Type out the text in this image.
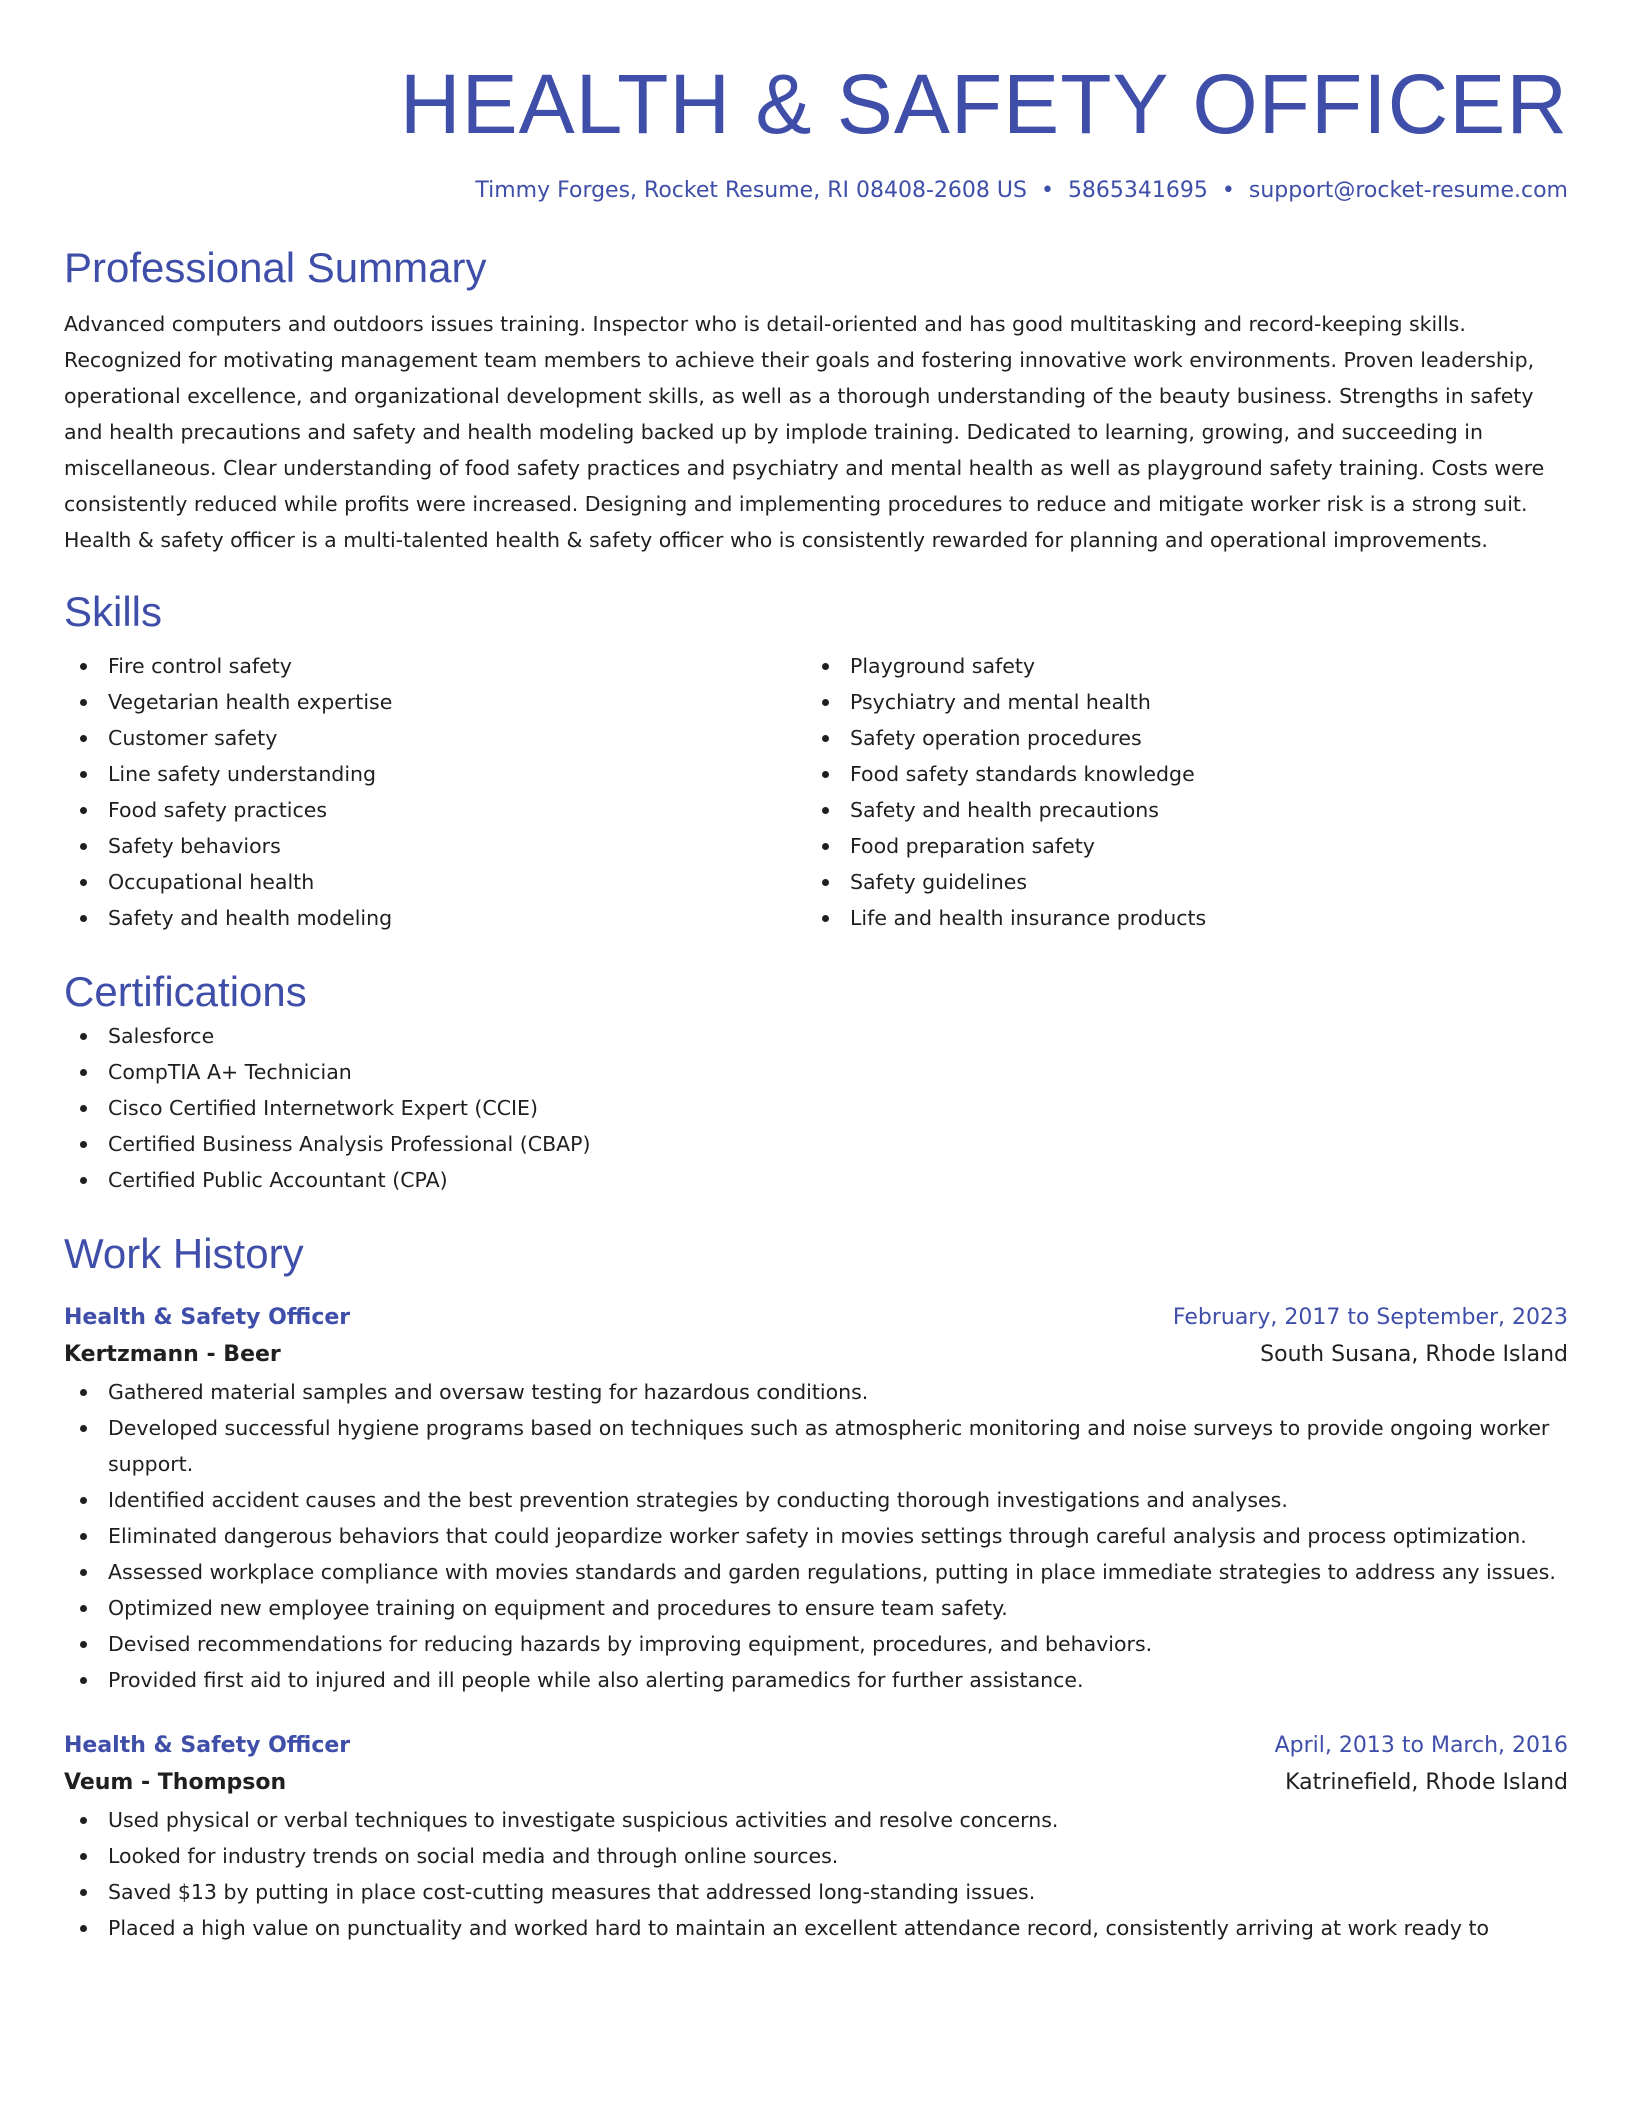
HEALTH & SAFETY OFFICER
Timmy Forges, Rocket Resume, RI 08408-2608 US • 5865341695 • support@rocket-resume.com
Professional Summary

Advanced computers and outdoors issues training. Inspector who is detail-oriented and has good multitasking and record-keeping skills. Recognized for motivating management team members to achieve their goals and fostering innovative work environments. Proven leadership, operational excellence, and organizational development skills, as well as a thorough understanding of the beauty business. Strengths in safety and health precautions and safety and health modeling backed up by implode training. Dedicated to learning, growing, and succeeding in miscellaneous. Clear understanding of food safety practices and psychiatry and mental health as well as playground safety training. Costs were consistently reduced while profits were increased. Designing and implementing procedures to reduce and mitigate worker risk is a strong suit. Health & safety officer is a multi-talented health & safety officer who is consistently rewarded for planning and operational improvements.

Skills
Fire control safety
Vegetarian health expertise
Customer safety
Line safety understanding
Food safety practices
Safety behaviors
Occupational health
Safety and health modeling
Playground safety
Psychiatry and mental health
Safety operation procedures
Food safety standards knowledge
Safety and health precautions
Food preparation safety
Safety guidelines
Life and health insurance products
Certifications
Salesforce
CompTIA A+ Technician
Cisco Certified Internetwork Expert (CCIE)
Certified Business Analysis Professional (CBAP)
Certified Public Accountant (CPA)
Work History
Health & Safety Officer	February, 2017 to September, 2023
Kertzmann - Beer	South Susana, Rhode Island
Gathered material samples and oversaw testing for hazardous conditions.
Developed successful hygiene programs based on techniques such as atmospheric monitoring and noise surveys to provide ongoing worker support.
Identified accident causes and the best prevention strategies by conducting thorough investigations and analyses.
Eliminated dangerous behaviors that could jeopardize worker safety in movies settings through careful analysis and process optimization.
Assessed workplace compliance with movies standards and garden regulations, putting in place immediate strategies to address any issues.
Optimized new employee training on equipment and procedures to ensure team safety.
Devised recommendations for reducing hazards by improving equipment, procedures, and behaviors.
Provided first aid to injured and ill people while also alerting paramedics for further assistance.
Health & Safety Officer	April, 2013 to March, 2016
Veum - Thompson	Katrinefield, Rhode Island
Used physical or verbal techniques to investigate suspicious activities and resolve concerns.
Looked for industry trends on social media and through online sources.
Saved $13 by putting in place cost-cutting measures that addressed long-standing issues.
Placed a high value on punctuality and worked hard to maintain an excellent attendance record, consistently arriving at work ready to
